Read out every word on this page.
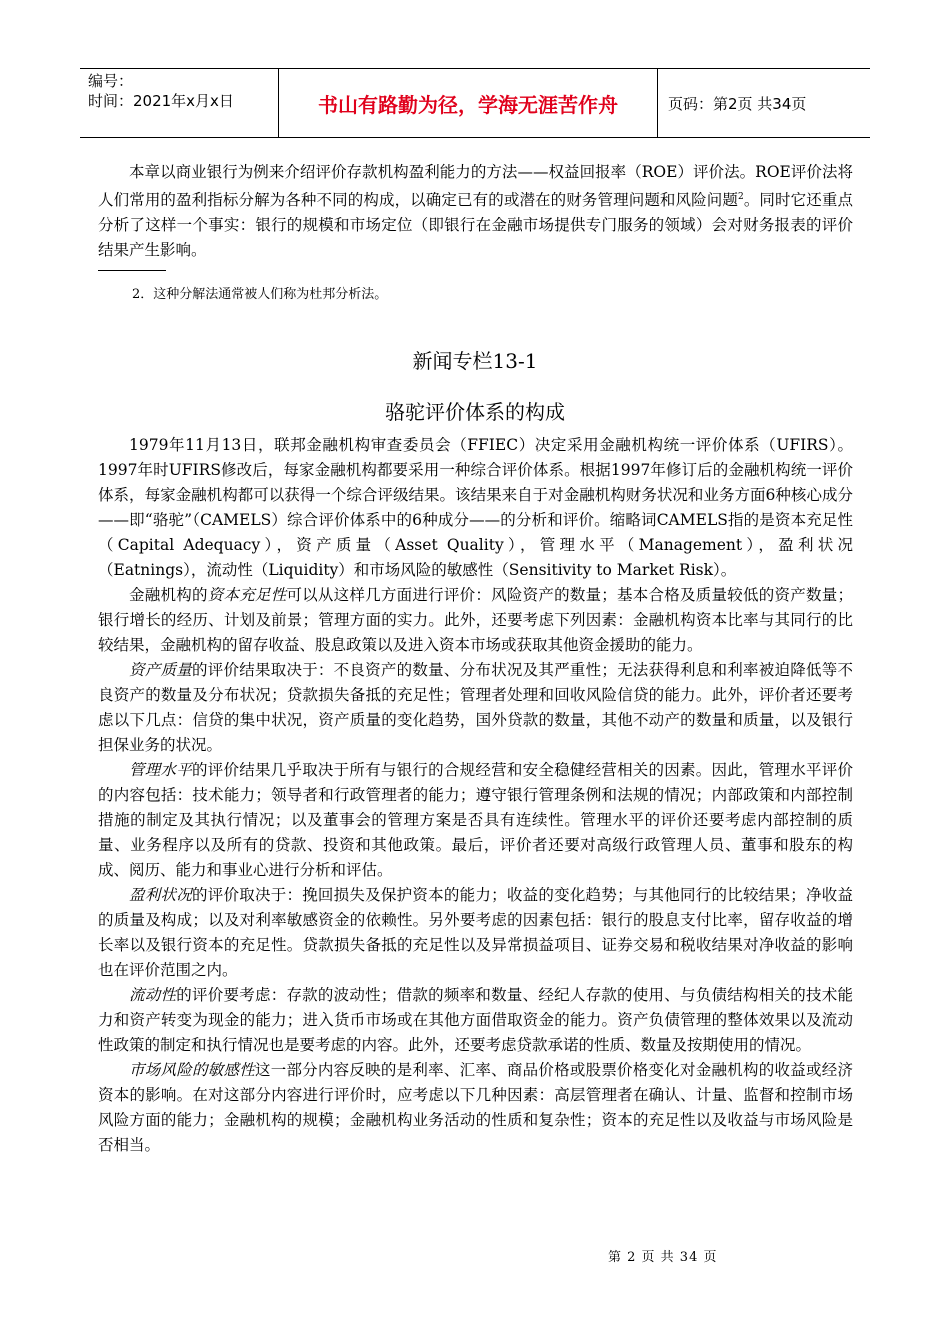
编号：
时间：2021年x月x日	书山有路勤为径，学海无涯苦作舟	页码：第2页 共34页

本章以商业银行为例来介绍评价存款机构盈利能力的方法——权益回报率（ROE）评价法。ROE评价法将人们常用的盈利指标分解为各种不同的构成，以确定已有的或潜在的财务管理问题和风险问题$^2$。同时它还重点分析了这样一个事实：银行的规模和市场定位（即银行在金融市场提供专门服务的领域）会对财务报表的评价结果产生影响。

2．这种分解法通常被人们称为杜邦分析法。
新闻专栏13-1
骆驼评价体系的构成

1979年11月13日，联邦金融机构审查委员会（FFIEC）决定采用金融机构统一评价体系（UFIRS）。1997年时UFIRS修改后，每家金融机构都要采用一种综合评价体系。根据1997年修订后的金融机构统一评价体系，每家金融机构都可以获得一个综合评级结果。该结果来自于对金融机构财务状况和业务方面6种核心成分——即“骆驼”（CAMELS）综合评价体系中的6种成分——的分析和评价。缩略词CAMELS指的是资本充足性（Capital Adequacy），资产质量（Asset Quality），管理水平（Management），盈利状况（Eatnings），流动性（Liquidity）和市场风险的敏感性（Sensitivity to Market Risk）。

金融机构的资本充足性可以从这样几方面进行评价：风险资产的数量；基本合格及质量较低的资产数量；银行增长的经历、计划及前景；管理方面的实力。此外，还要考虑下列因素：金融机构资本比率与其同行的比较结果，金融机构的留存收益、股息政策以及进入资本市场或获取其他资金援助的能力。

资产质量的评价结果取决于：不良资产的数量、分布状况及其严重性；无法获得利息和利率被迫降低等不良资产的数量及分布状况；贷款损失备抵的充足性；管理者处理和回收风险信贷的能力。此外，评价者还要考虑以下几点：信贷的集中状况，资产质量的变化趋势，国外贷款的数量，其他不动产的数量和质量，以及银行担保业务的状况。

管理水平的评价结果几乎取决于所有与银行的合规经营和安全稳健经营相关的因素。因此，管理水平评价的内容包括：技术能力；领导者和行政管理者的能力；遵守银行管理条例和法规的情况；内部政策和内部控制措施的制定及其执行情况；以及董事会的管理方案是否具有连续性。管理水平的评价还要考虑内部控制的质量、业务程序以及所有的贷款、投资和其他政策。最后，评价者还要对高级行政管理人员、董事和股东的构成、阅历、能力和事业心进行分析和评估。

盈利状况的评价取决于：挽回损失及保护资本的能力；收益的变化趋势；与其他同行的比较结果；净收益的质量及构成；以及对利率敏感资金的依赖性。另外要考虑的因素包括：银行的股息支付比率，留存收益的增长率以及银行资本的充足性。贷款损失备抵的充足性以及异常损益项目、证券交易和税收结果对净收益的影响也在评价范围之内。

流动性的评价要考虑：存款的波动性；借款的频率和数量、经纪人存款的使用、与负债结构相关的技术能力和资产转变为现金的能力；进入货币市场或在其他方面借取资金的能力。资产负债管理的整体效果以及流动性政策的制定和执行情况也是要考虑的内容。此外，还要考虑贷款承诺的性质、数量及按期使用的情况。

市场风险的敏感性这一部分内容反映的是利率、汇率、商品价格或股票价格变化对金融机构的收益或经济资本的影响。在对这部分内容进行评价时，应考虑以下几种因素：高层管理者在确认、计量、监督和控制市场风险方面的能力；金融机构的规模；金融机构业务活动的性质和复杂性；资本的充足性以及收益与市场风险是否相当。

第 2 页 共 34 页
